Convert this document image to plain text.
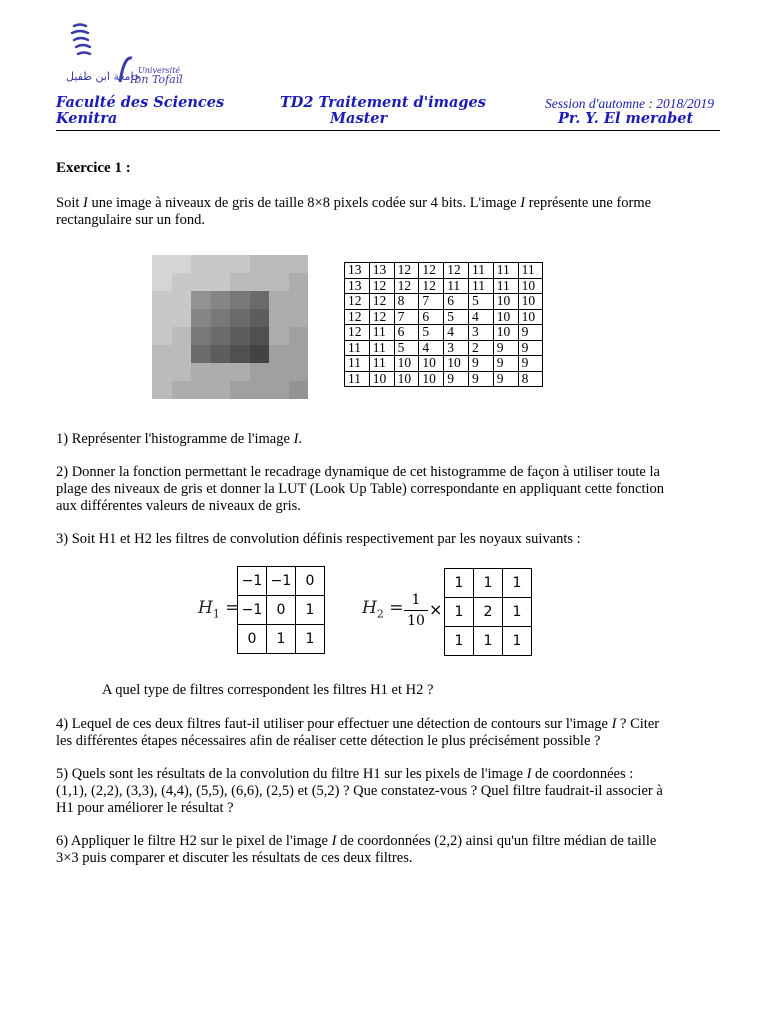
Université
Ibn Tofaïl
جامعة ابن طفيل
Faculté des Sciences
Kenitra
TD2 Traitement d'images
Master
Session d'automne : 2018/2019
Pr. Y. El merabet
Exercice 1 :
Soit I une image à niveaux de gris de taille 8×8 pixels codée sur 4 bits. L'image I représente une forme
rectangulaire sur un fond.
13	13	12	12	12	11	11	11
13	12	12	12	11	11	11	10
12	12	8	7	6	5	10	10
12	12	7	6	5	4	10	10
12	11	6	5	4	3	10	9
11	11	5	4	3	2	9	9
11	11	10	10	10	9	9	9
11	10	10	10	9	9	9	8
1) Représenter l'histogramme de l'image I.
2) Donner la fonction permettant le recadrage dynamique de cet histogramme de façon à utiliser toute la
plage des niveaux de gris et donner la LUT (Look Up Table) correspondante en appliquant cette fonction
aux différentes valeurs de niveaux de gris.
3) Soit H1 et H2 les filtres de convolution définis respectivement par les noyaux suivants :
$H_1$ =
−1	−1	0
−1	0	1
0	1	1
$H_2 = 1$
10
×
1	1	1
1	2	1
1	1	1
A quel type de filtres correspondent les filtres H1 et H2 ?
4) Lequel de ces deux filtres faut-il utiliser pour effectuer une détection de contours sur l'image I ? Citer
les différentes étapes nécessaires afin de réaliser cette détection le plus précisément possible ?
5) Quels sont les résultats de la convolution du filtre H1 sur les pixels de l'image I de coordonnées :
(1,1), (2,2), (3,3), (4,4), (5,5), (6,6), (2,5) et (5,2) ? Que constatez-vous ? Quel filtre faudrait-il associer à
H1 pour améliorer le résultat ?
6) Appliquer le filtre H2 sur le pixel de l'image I de coordonnées (2,2) ainsi qu'un filtre médian de taille
3×3 puis comparer et discuter les résultats de ces deux filtres.
